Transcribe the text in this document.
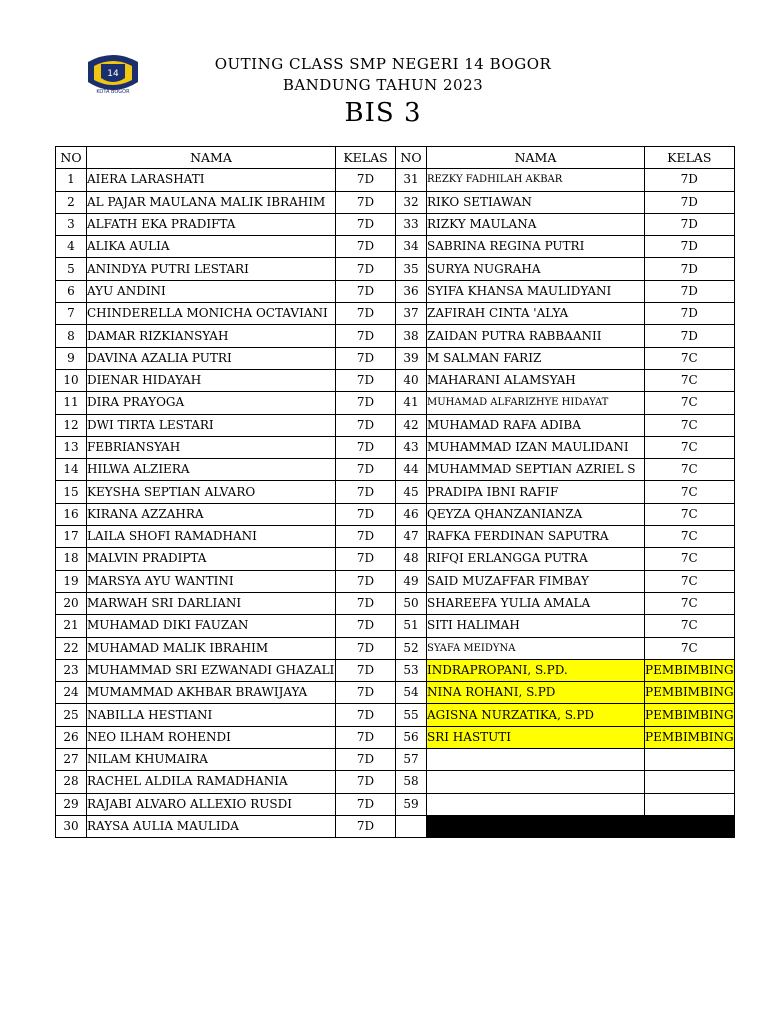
14
KOTA BOGOR
OUTING CLASS SMP NEGERI 14 BOGOR
BANDUNG TAHUN 2023
BIS 3
NO	NAMA	KELAS	NO	NAMA	KELAS
1	AIERA LARASHATI	7D	31	REZKY FADHILAH AKBAR	7D
2	AL PAJAR MAULANA MALIK IBRAHIM	7D	32	RIKO SETIAWAN	7D
3	ALFATH EKA PRADIFTA	7D	33	RIZKY MAULANA	7D
4	ALIKA AULIA	7D	34	SABRINA REGINA PUTRI	7D
5	ANINDYA PUTRI LESTARI	7D	35	SURYA NUGRAHA	7D
6	AYU ANDINI	7D	36	SYIFA KHANSA MAULIDYANI	7D
7	CHINDERELLA MONICHA OCTAVIANI	7D	37	ZAFIRAH CINTA 'ALYA	7D
8	DAMAR RIZKIANSYAH	7D	38	ZAIDAN PUTRA RABBAANII	7D
9	DAVINA AZALIA PUTRI	7D	39	M SALMAN FARIZ	7C
10	DIENAR HIDAYAH	7D	40	MAHARANI ALAMSYAH	7C
11	DIRA PRAYOGA	7D	41	MUHAMAD ALFARIZHYE HIDAYAT	7C
12	DWI TIRTA LESTARI	7D	42	MUHAMAD RAFA ADIBA	7C
13	FEBRIANSYAH	7D	43	MUHAMMAD IZAN MAULIDANI	7C
14	HILWA ALZIERA	7D	44	MUHAMMAD SEPTIAN AZRIEL S	7C
15	KEYSHA SEPTIAN ALVARO	7D	45	PRADIPA IBNI RAFIF	7C
16	KIRANA AZZAHRA	7D	46	QEYZA QHANZANIANZA	7C
17	LAILA SHOFI RAMADHANI	7D	47	RAFKA FERDINAN SAPUTRA	7C
18	MALVIN PRADIPTA	7D	48	RIFQI ERLANGGA PUTRA	7C
19	MARSYA AYU WANTINI	7D	49	SAID MUZAFFAR FIMBAY	7C
20	MARWAH SRI DARLIANI	7D	50	SHAREEFA YULIA AMALA	7C
21	MUHAMAD DIKI FAUZAN	7D	51	SITI HALIMAH	7C
22	MUHAMAD MALIK IBRAHIM	7D	52	SYAFA MEIDYNA	7C
23	MUHAMMAD SRI EZWANADI GHAZALI	7D	53	INDRAPROPANI, S.PD.	PEMBIMBING
24	MUMAMMAD AKHBAR BRAWIJAYA	7D	54	NINA ROHANI, S.PD	PEMBIMBING
25	NABILLA HESTIANI	7D	55	AGISNA NURZATIKA, S.PD	PEMBIMBING
26	NEO ILHAM ROHENDI	7D	56	SRI HASTUTI	PEMBIMBING
27	NILAM KHUMAIRA	7D	57		
28	RACHEL ALDILA RAMADHANIA	7D	58		
29	RAJABI ALVARO ALLEXIO RUSDI	7D	59		
30	RAYSA AULIA MAULIDA	7D			
